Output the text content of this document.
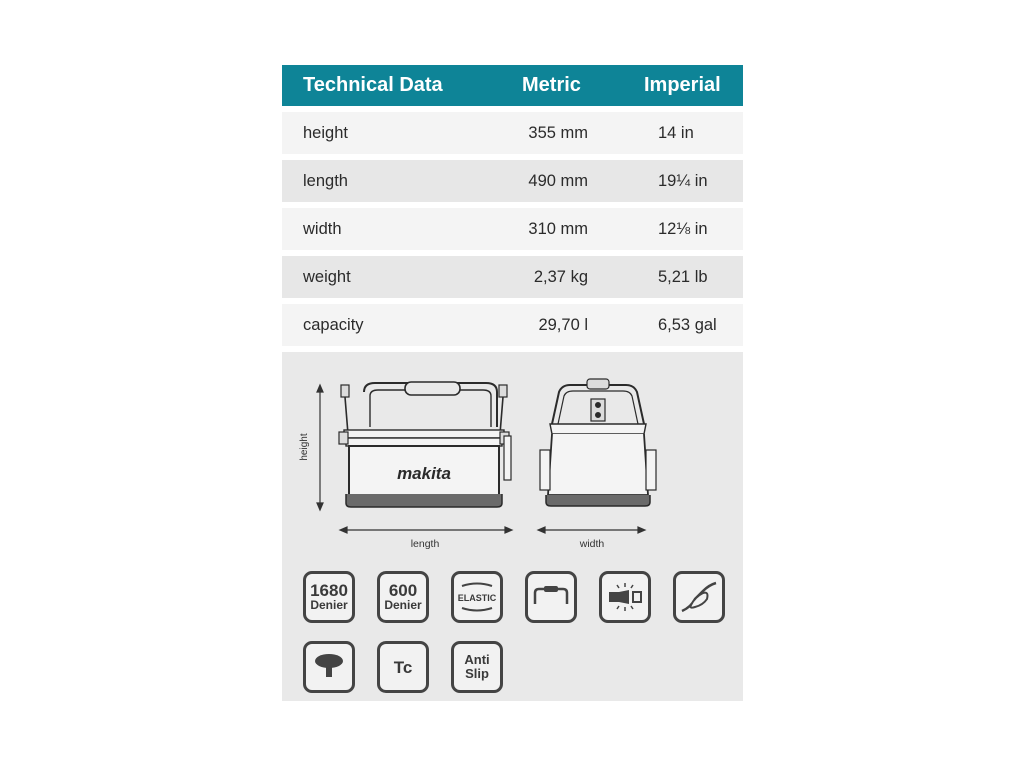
Technical Data	Metric	Imperial
height	355 mm	14 in
length	490 mm	19¼ in
width	310 mm	12⅛ in
weight	2,37 kg	5,21 lb
capacity	29,70 l	6,53 gal
height
makita
length	width
1680
Denier
600
Denier	ELASTIC
Tc	Anti
Slip
